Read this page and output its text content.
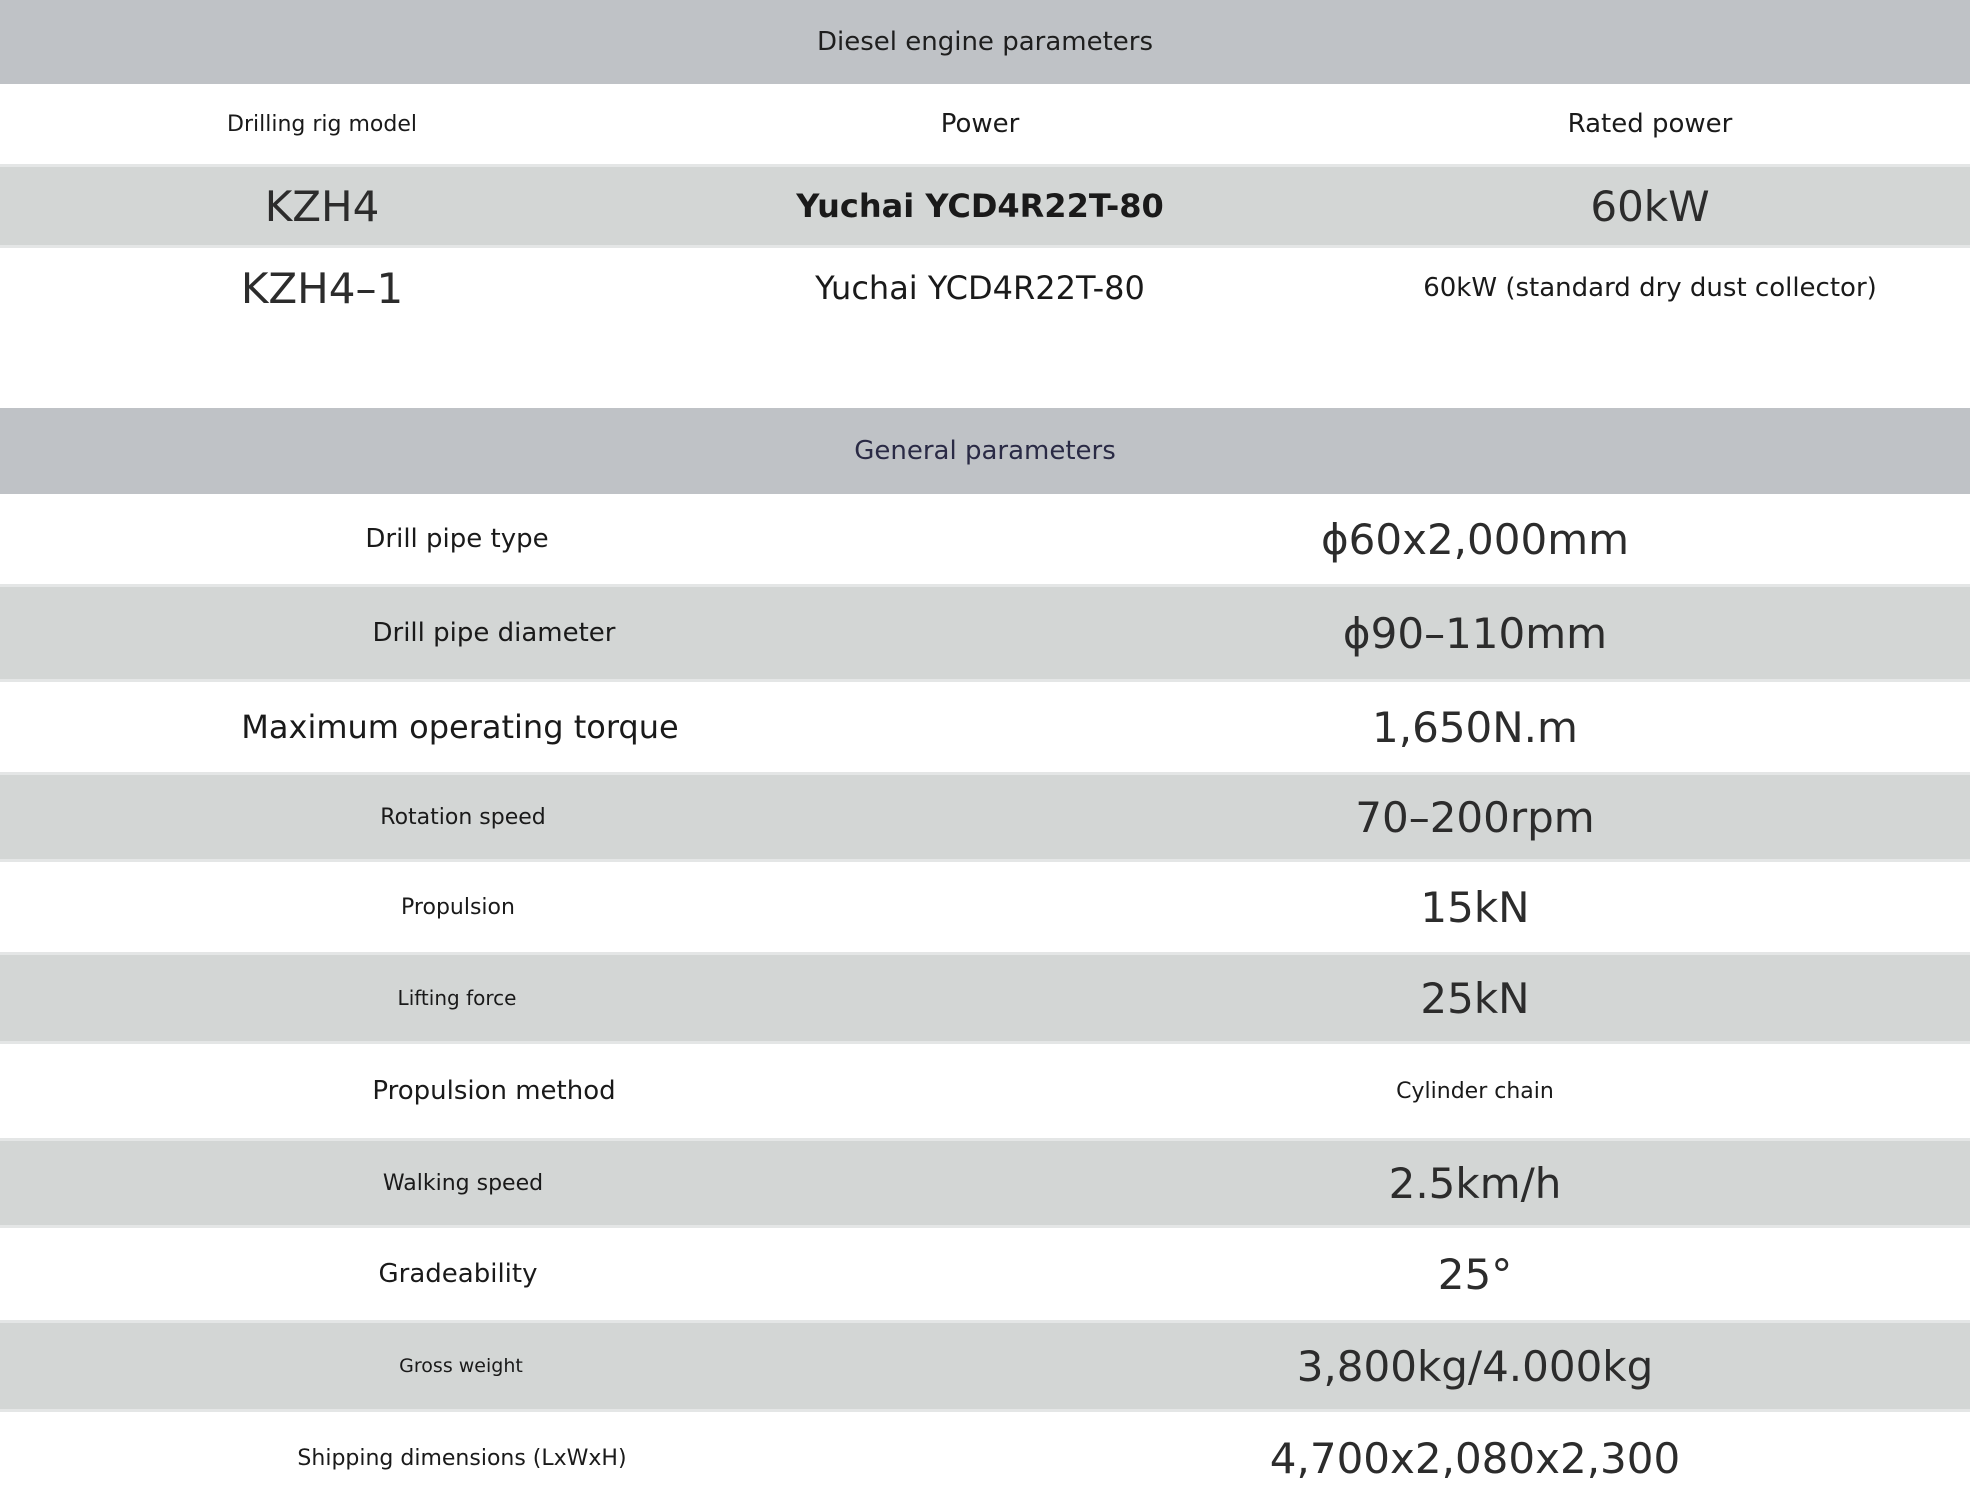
Diesel engine parameters
Drilling rig model	Power	Rated power
KZH4	Yuchai YCD4R22T-80	60kW
KZH4–1	Yuchai YCD4R22T-80	60kW (standard dry dust collector)
General parameters
Drill pipe type	ϕ60x2,000mm
Drill pipe diameter	ϕ90–110mm
Maximum operating torque	1,650N.m
Rotation speed	70–200rpm
Propulsion	15kN
Lifting force	25kN
Propulsion method	Cylinder chain
Walking speed	2.5km/h
Gradeability	25°
Gross weight	3,800kg/4.000kg
Shipping dimensions (LxWxH)	4,700x2,080x2,300
